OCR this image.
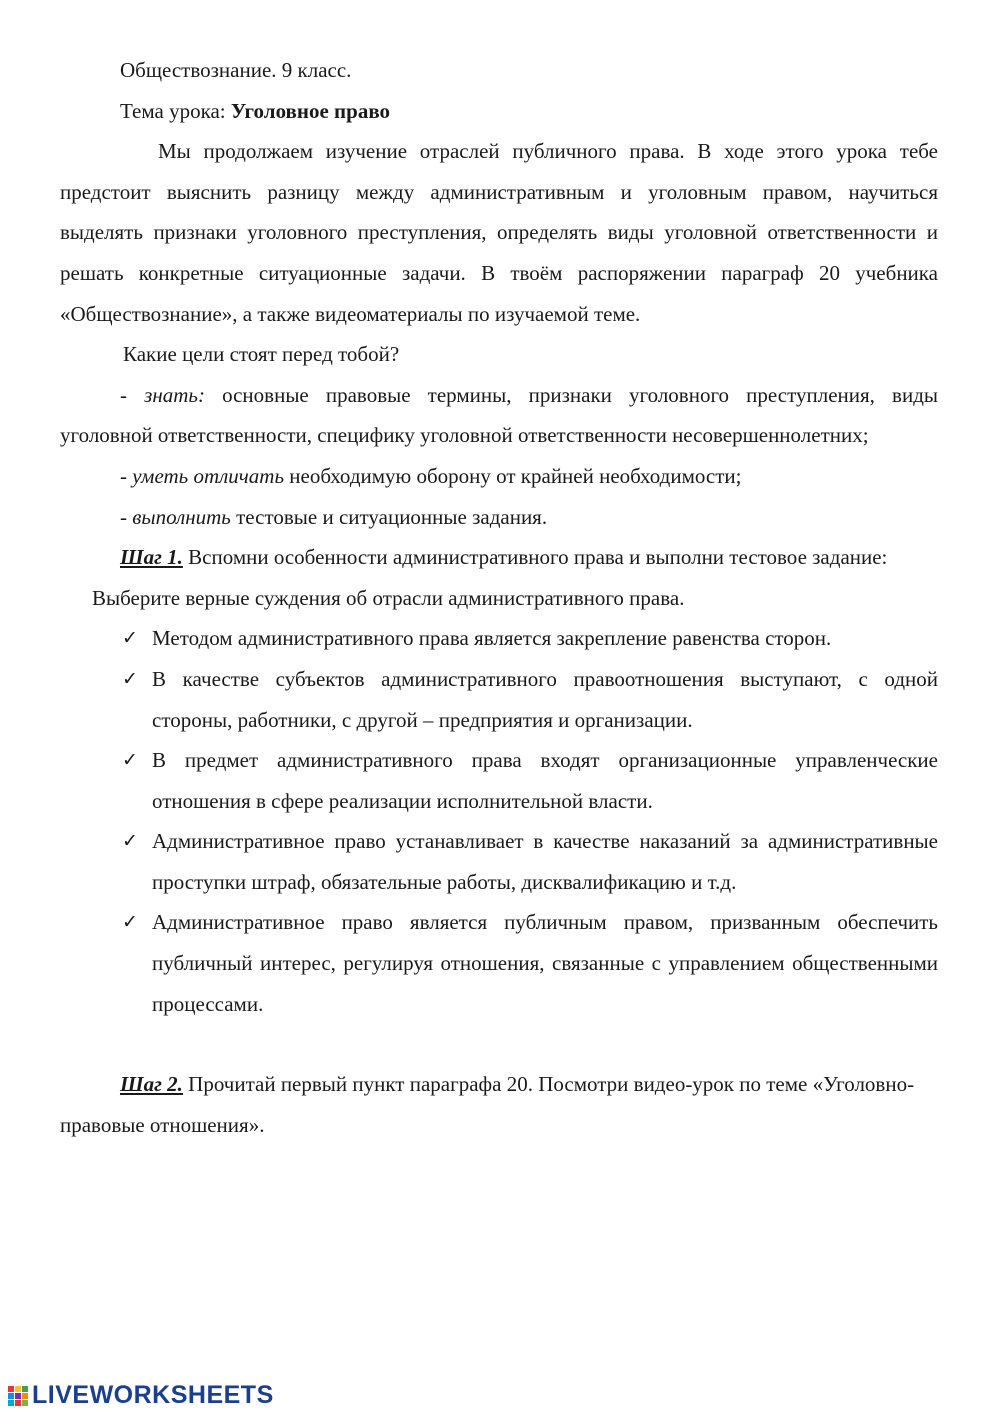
Обществознание. 9 класс.

Тема урока: Уголовное право

Мы продолжаем изучение отраслей публичного права. В ходе этого урока тебе предстоит выяснить разницу между административным и уголовным правом, научиться выделять признаки уголовного преступления, определять виды уголовной ответственности и решать конкретные ситуационные задачи. В твоём распоряжении параграф 20 учебника «Обществознание», а также видеоматериалы по изучаемой теме.

Какие цели стоят перед тобой?

- знать: основные правовые термины, признаки уголовного преступления, виды уголовной ответственности, специфику уголовной ответственности несовершеннолетних;

- уметь отличать необходимую оборону от крайней необходимости;

- выполнить тестовые и ситуационные задания.

Шаг 1. Вспомни особенности административного права и выполни тестовое задание:

Выберите верные суждения об отрасли административного права.

✓ Методом административного права является закрепление равенства сторон.
✓ В качестве субъектов административного правоотношения выступают, с одной стороны, работники, с другой – предприятия и организации.
✓ В предмет административного права входят организационные управленческие отношения в сфере реализации исполнительной власти.
✓ Административное право устанавливает в качестве наказаний за административные проступки штраф, обязательные работы, дисквалификацию и т.д.
✓ Административное право является публичным правом, призванным обеспечить публичный интерес, регулируя отношения, связанные с управлением общественными процессами.

Шаг 2. Прочитай первый пункт параграфа 20. Посмотри видео-урок по теме «Уголовно-правовые отношения».

LIVEWORKSHEETS
